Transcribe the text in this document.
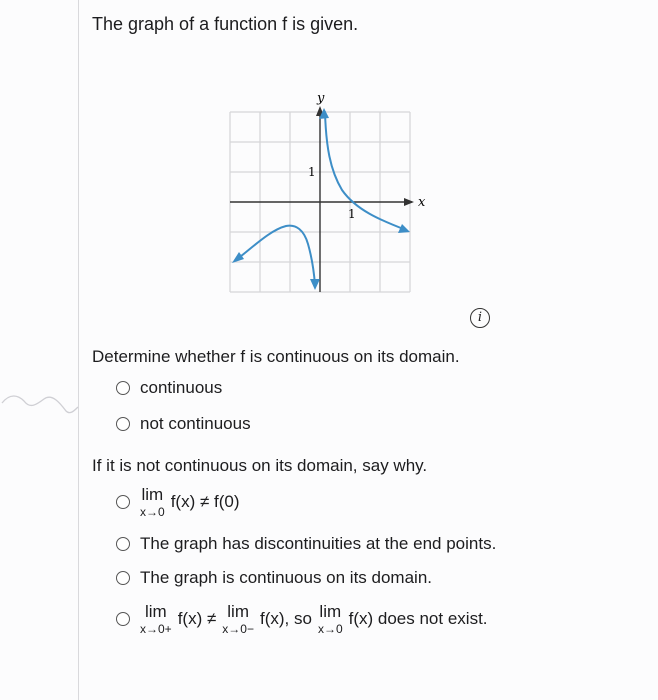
The graph of a function f is given.
y
x
1
1
i
Determine whether f is continuous on its domain.
continuous
not continuous
If it is not continuous on its domain, say why.
lim
x→0
f(x) ≠ f(0)
The graph has discontinuities at the end points.
The graph is continuous on its domain.
lim
x→0+
f(x) ≠ lim
x→0−
f(x), so lim
x→0
f(x) does not exist.
